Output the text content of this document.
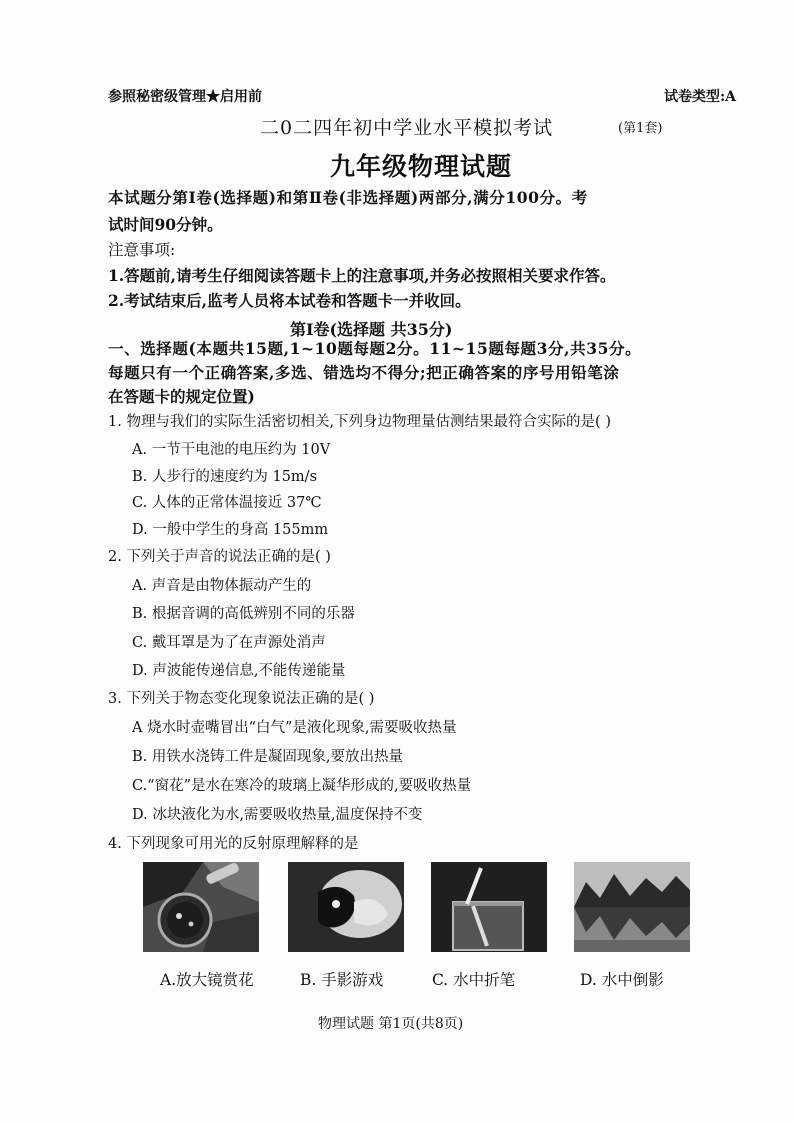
参照秘密级管理★启用前	试卷类型:A
二0二四年初中学业水平模拟考试	(第1套)
九年级物理试题
本试题分第Ⅰ卷(选择题)和第Ⅱ卷(非选择题)两部分,满分100分。考
试时间90分钟。
注意事项:
1.答题前,请考生仔细阅读答题卡上的注意事项,并务必按照相关要求作答。
2.考试结束后,监考人员将本试卷和答题卡一并收回。
第Ⅰ卷(选择题 共35分)
一、选择题(本题共15题,1~10题每题2分。11~15题每题3分,共35分。
每题只有一个正确答案,多选、错选均不得分;把正确答案的序号用铅笔涂
在答题卡的规定位置)
1. 物理与我们的实际生活密切相关,下列身边物理量估测结果最符合实际的是( )
A. 一节干电池的电压约为 10V
B. 人步行的速度约为 15m/s
C. 人体的正常体温接近 37℃
D. 一般中学生的身高 155mm
2. 下列关于声音的说法正确的是( )
A. 声音是由物体振动产生的
B. 根据音调的高低辨别不同的乐器
C. 戴耳罩是为了在声源处消声
D. 声波能传递信息,不能传递能量
3. 下列关于物态变化现象说法正确的是( )
A 烧水时壶嘴冒出“白气”是液化现象,需要吸收热量
B. 用铁水浇铸工件是凝固现象,要放出热量
C.“窗花”是水在寒冷的玻璃上凝华形成的,要吸收热量
D. 冰块液化为水,需要吸收热量,温度保持不变
4. 下列现象可用光的反射原理解释的是
A.放大镜赏花	B. 手影游戏	C. 水中折笔	D. 水中倒影
物理试题 第1页(共8页)
